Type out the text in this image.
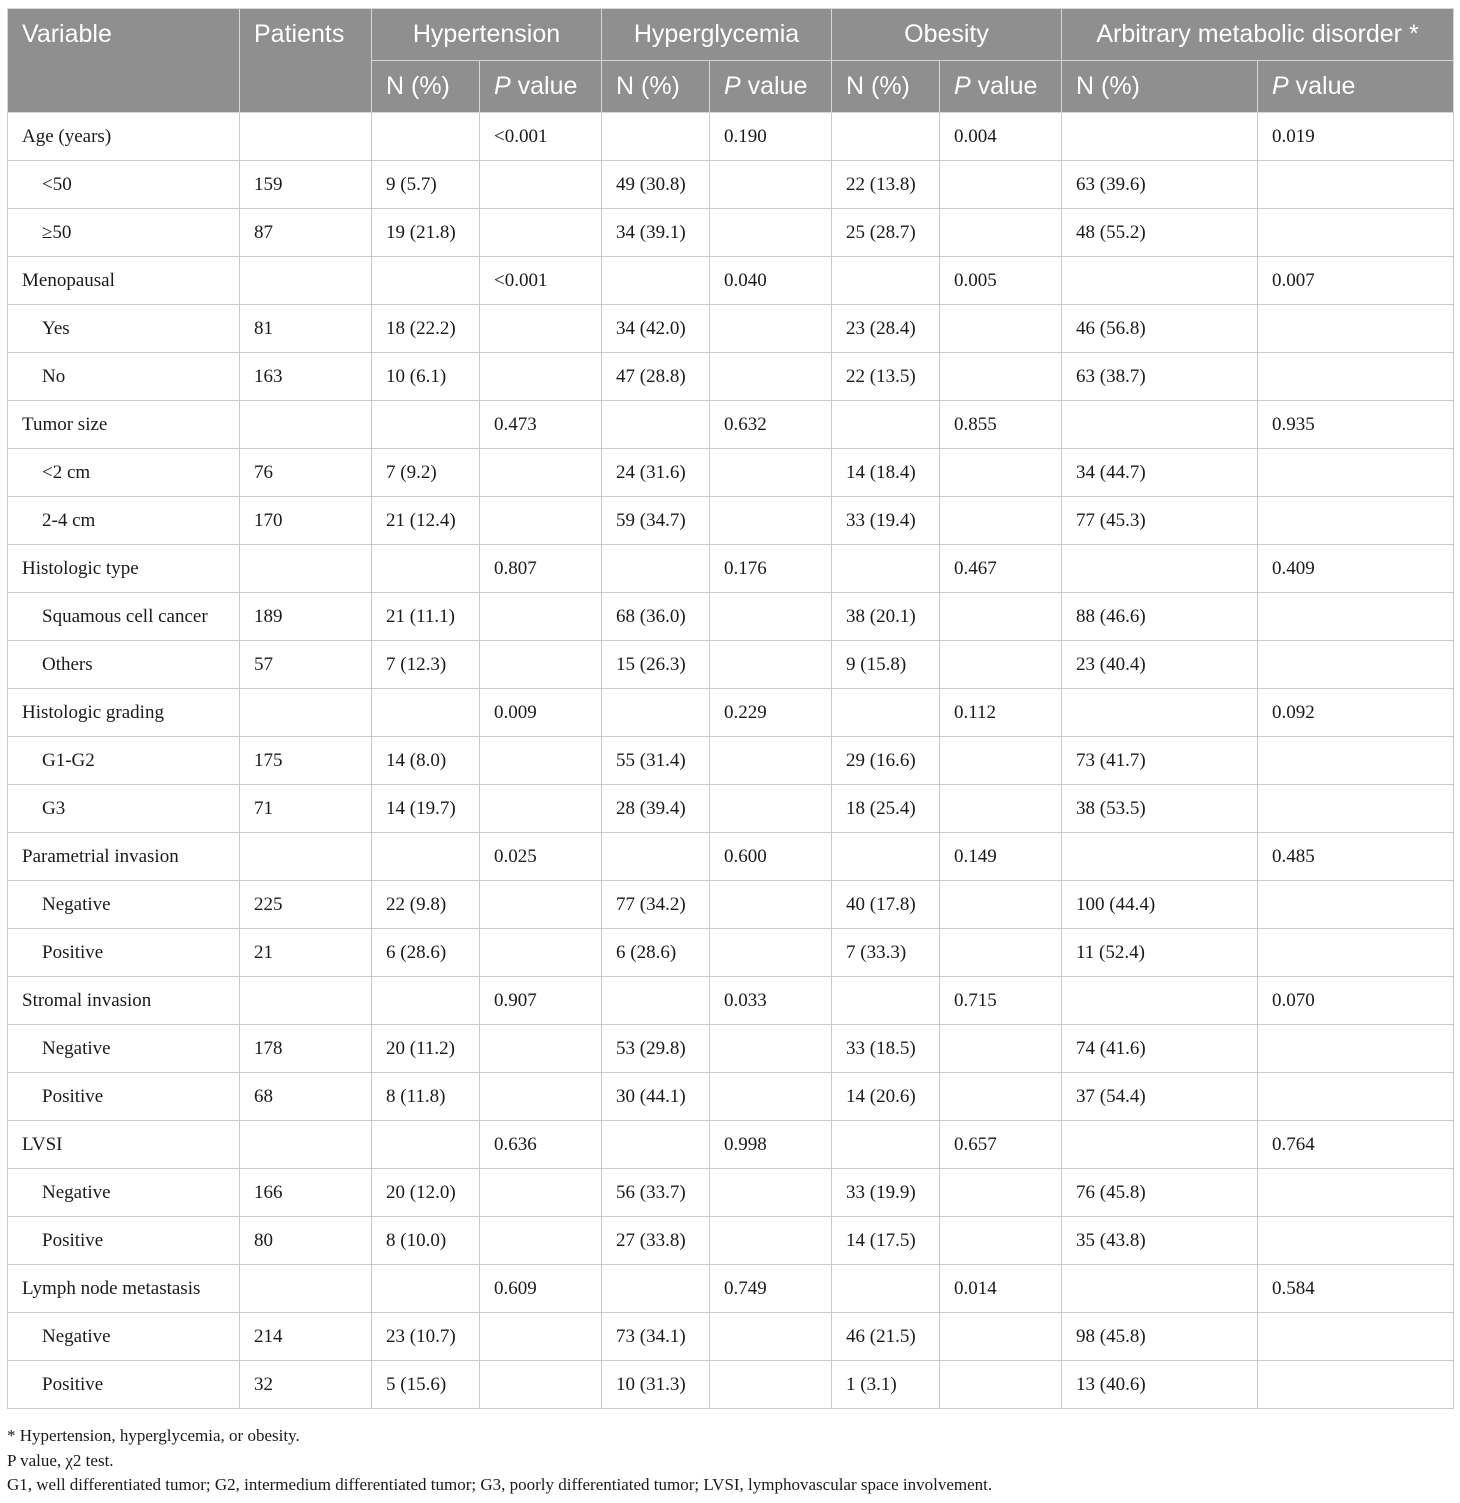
Variable	Patients	Hypertension		Hyperglycemia		Obesity		Arbitrary metabolic disorder *	
		N (%)	P value	N (%)	P value	N (%)	P value	N (%)	P value
Age (years)			<0.001		0.190		0.004		0.019
<50	159	9 (5.7)		49 (30.8)		22 (13.8)		63 (39.6)	
≥50	87	19 (21.8)		34 (39.1)		25 (28.7)		48 (55.2)	
Menopausal			<0.001		0.040		0.005		0.007
Yes	81	18 (22.2)		34 (42.0)		23 (28.4)		46 (56.8)	
No	163	10 (6.1)		47 (28.8)		22 (13.5)		63 (38.7)	
Tumor size			0.473		0.632		0.855		0.935
<2 cm	76	7 (9.2)		24 (31.6)		14 (18.4)		34 (44.7)	
2-4 cm	170	21 (12.4)		59 (34.7)		33 (19.4)		77 (45.3)	
Histologic type			0.807		0.176		0.467		0.409
Squamous cell cancer	189	21 (11.1)		68 (36.0)		38 (20.1)		88 (46.6)	
Others	57	7 (12.3)		15 (26.3)		9 (15.8)		23 (40.4)	
Histologic grading			0.009		0.229		0.112		0.092
G1-G2	175	14 (8.0)		55 (31.4)		29 (16.6)		73 (41.7)	
G3	71	14 (19.7)		28 (39.4)		18 (25.4)		38 (53.5)	
Parametrial invasion			0.025		0.600		0.149		0.485
Negative	225	22 (9.8)		77 (34.2)		40 (17.8)		100 (44.4)	
Positive	21	6 (28.6)		6 (28.6)		7 (33.3)		11 (52.4)	
Stromal invasion			0.907		0.033		0.715		0.070
Negative	178	20 (11.2)		53 (29.8)		33 (18.5)		74 (41.6)	
Positive	68	8 (11.8)		30 (44.1)		14 (20.6)		37 (54.4)	
LVSI			0.636		0.998		0.657		0.764
Negative	166	20 (12.0)		56 (33.7)		33 (19.9)		76 (45.8)	
Positive	80	8 (10.0)		27 (33.8)		14 (17.5)		35 (43.8)	
Lymph node metastasis			0.609		0.749		0.014		0.584
Negative	214	23 (10.7)		73 (34.1)		46 (21.5)		98 (45.8)	
Positive	32	5 (15.6)		10 (31.3)		1 (3.1)		13 (40.6)	
* Hypertension, hyperglycemia, or obesity.
P value, χ2 test.
G1, well differentiated tumor; G2, intermedium differentiated tumor; G3, poorly differentiated tumor; LVSI, lymphovascular space involvement.
